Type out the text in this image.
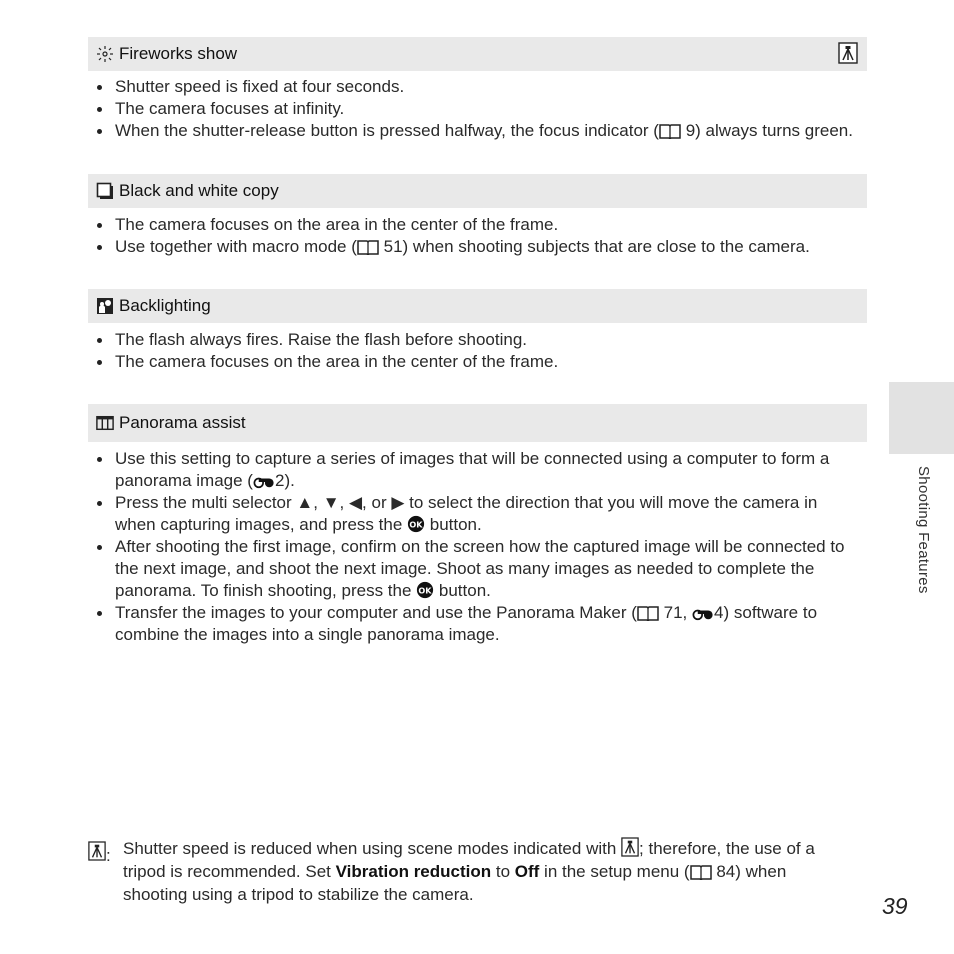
Fireworks show
Shutter speed is fixed at four seconds.
The camera focuses at infinity.
When the shutter-release button is pressed halfway, the focus indicator ( 9) always turns green.
Black and white copy
The camera focuses on the area in the center of the frame.
Use together with macro mode ( 51) when shooting subjects that are close to the camera.
Backlighting
The flash always fires. Raise the flash before shooting.
The camera focuses on the area in the center of the frame.
Panorama assist
Use this setting to capture a series of images that will be connected using a computer to form a panorama image ( 2).
Press the multi selector ▲, ▼, ◀, or ▶ to select the direction that you will move the camera in when capturing images, and press the  button.
After shooting the first image, confirm on the screen how the captured image will be connected to the next image, and shoot the next image. Shoot as many images as needed to complete the panorama. To finish shooting, press the  button.
Transfer the images to your computer and use the Panorama Maker ( 71, 4) software to combine the images into a single panorama image.
Shooting Features
: Shutter speed is reduced when using scene modes indicated with ; therefore, the use of a tripod is recommended. Set Vibration reduction to Off in the setup menu ( 84) when shooting using a tripod to stabilize the camera.	39
